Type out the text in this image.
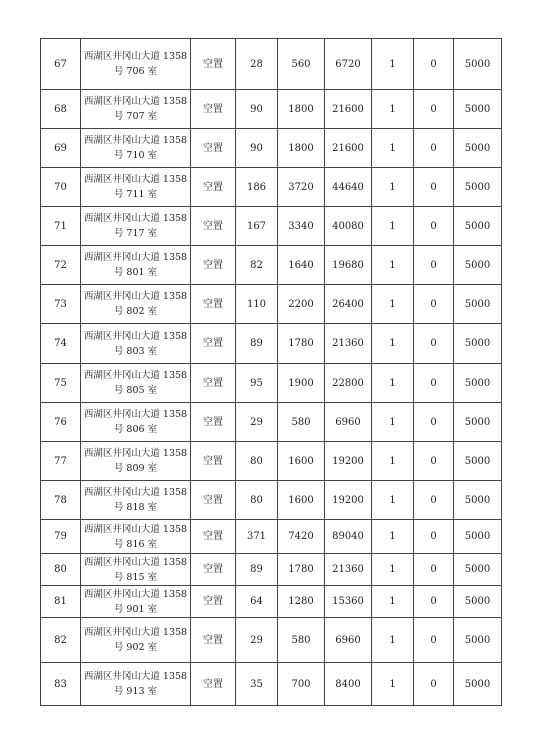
67	西湖区井冈山大道 1358
号 706 室	空置	28	560	6720	1	0	5000
68	西湖区井冈山大道 1358
号 707 室	空置	90	1800	21600	1	0	5000
69	西湖区井冈山大道 1358
号 710 室	空置	90	1800	21600	1	0	5000
70	西湖区井冈山大道 1358
号 711 室	空置	186	3720	44640	1	0	5000
71	西湖区井冈山大道 1358
号 717 室	空置	167	3340	40080	1	0	5000
72	西湖区井冈山大道 1358
号 801 室	空置	82	1640	19680	1	0	5000
73	西湖区井冈山大道 1358
号 802 室	空置	110	2200	26400	1	0	5000
74	西湖区井冈山大道 1358
号 803 室	空置	89	1780	21360	1	0	5000
75	西湖区井冈山大道 1358
号 805 室	空置	95	1900	22800	1	0	5000
76	西湖区井冈山大道 1358
号 806 室	空置	29	580	6960	1	0	5000
77	西湖区井冈山大道 1358
号 809 室	空置	80	1600	19200	1	0	5000
78	西湖区井冈山大道 1358
号 818 室	空置	80	1600	19200	1	0	5000
79	西湖区井冈山大道 1358
号 816 室	空置	371	7420	89040	1	0	5000
80	西湖区井冈山大道 1358
号 815 室	空置	89	1780	21360	1	0	5000
81	西湖区井冈山大道 1358
号 901 室	空置	64	1280	15360	1	0	5000
82	西湖区井冈山大道 1358
号 902 室	空置	29	580	6960	1	0	5000
83	西湖区井冈山大道 1358
号 913 室	空置	35	700	8400	1	0	5000
